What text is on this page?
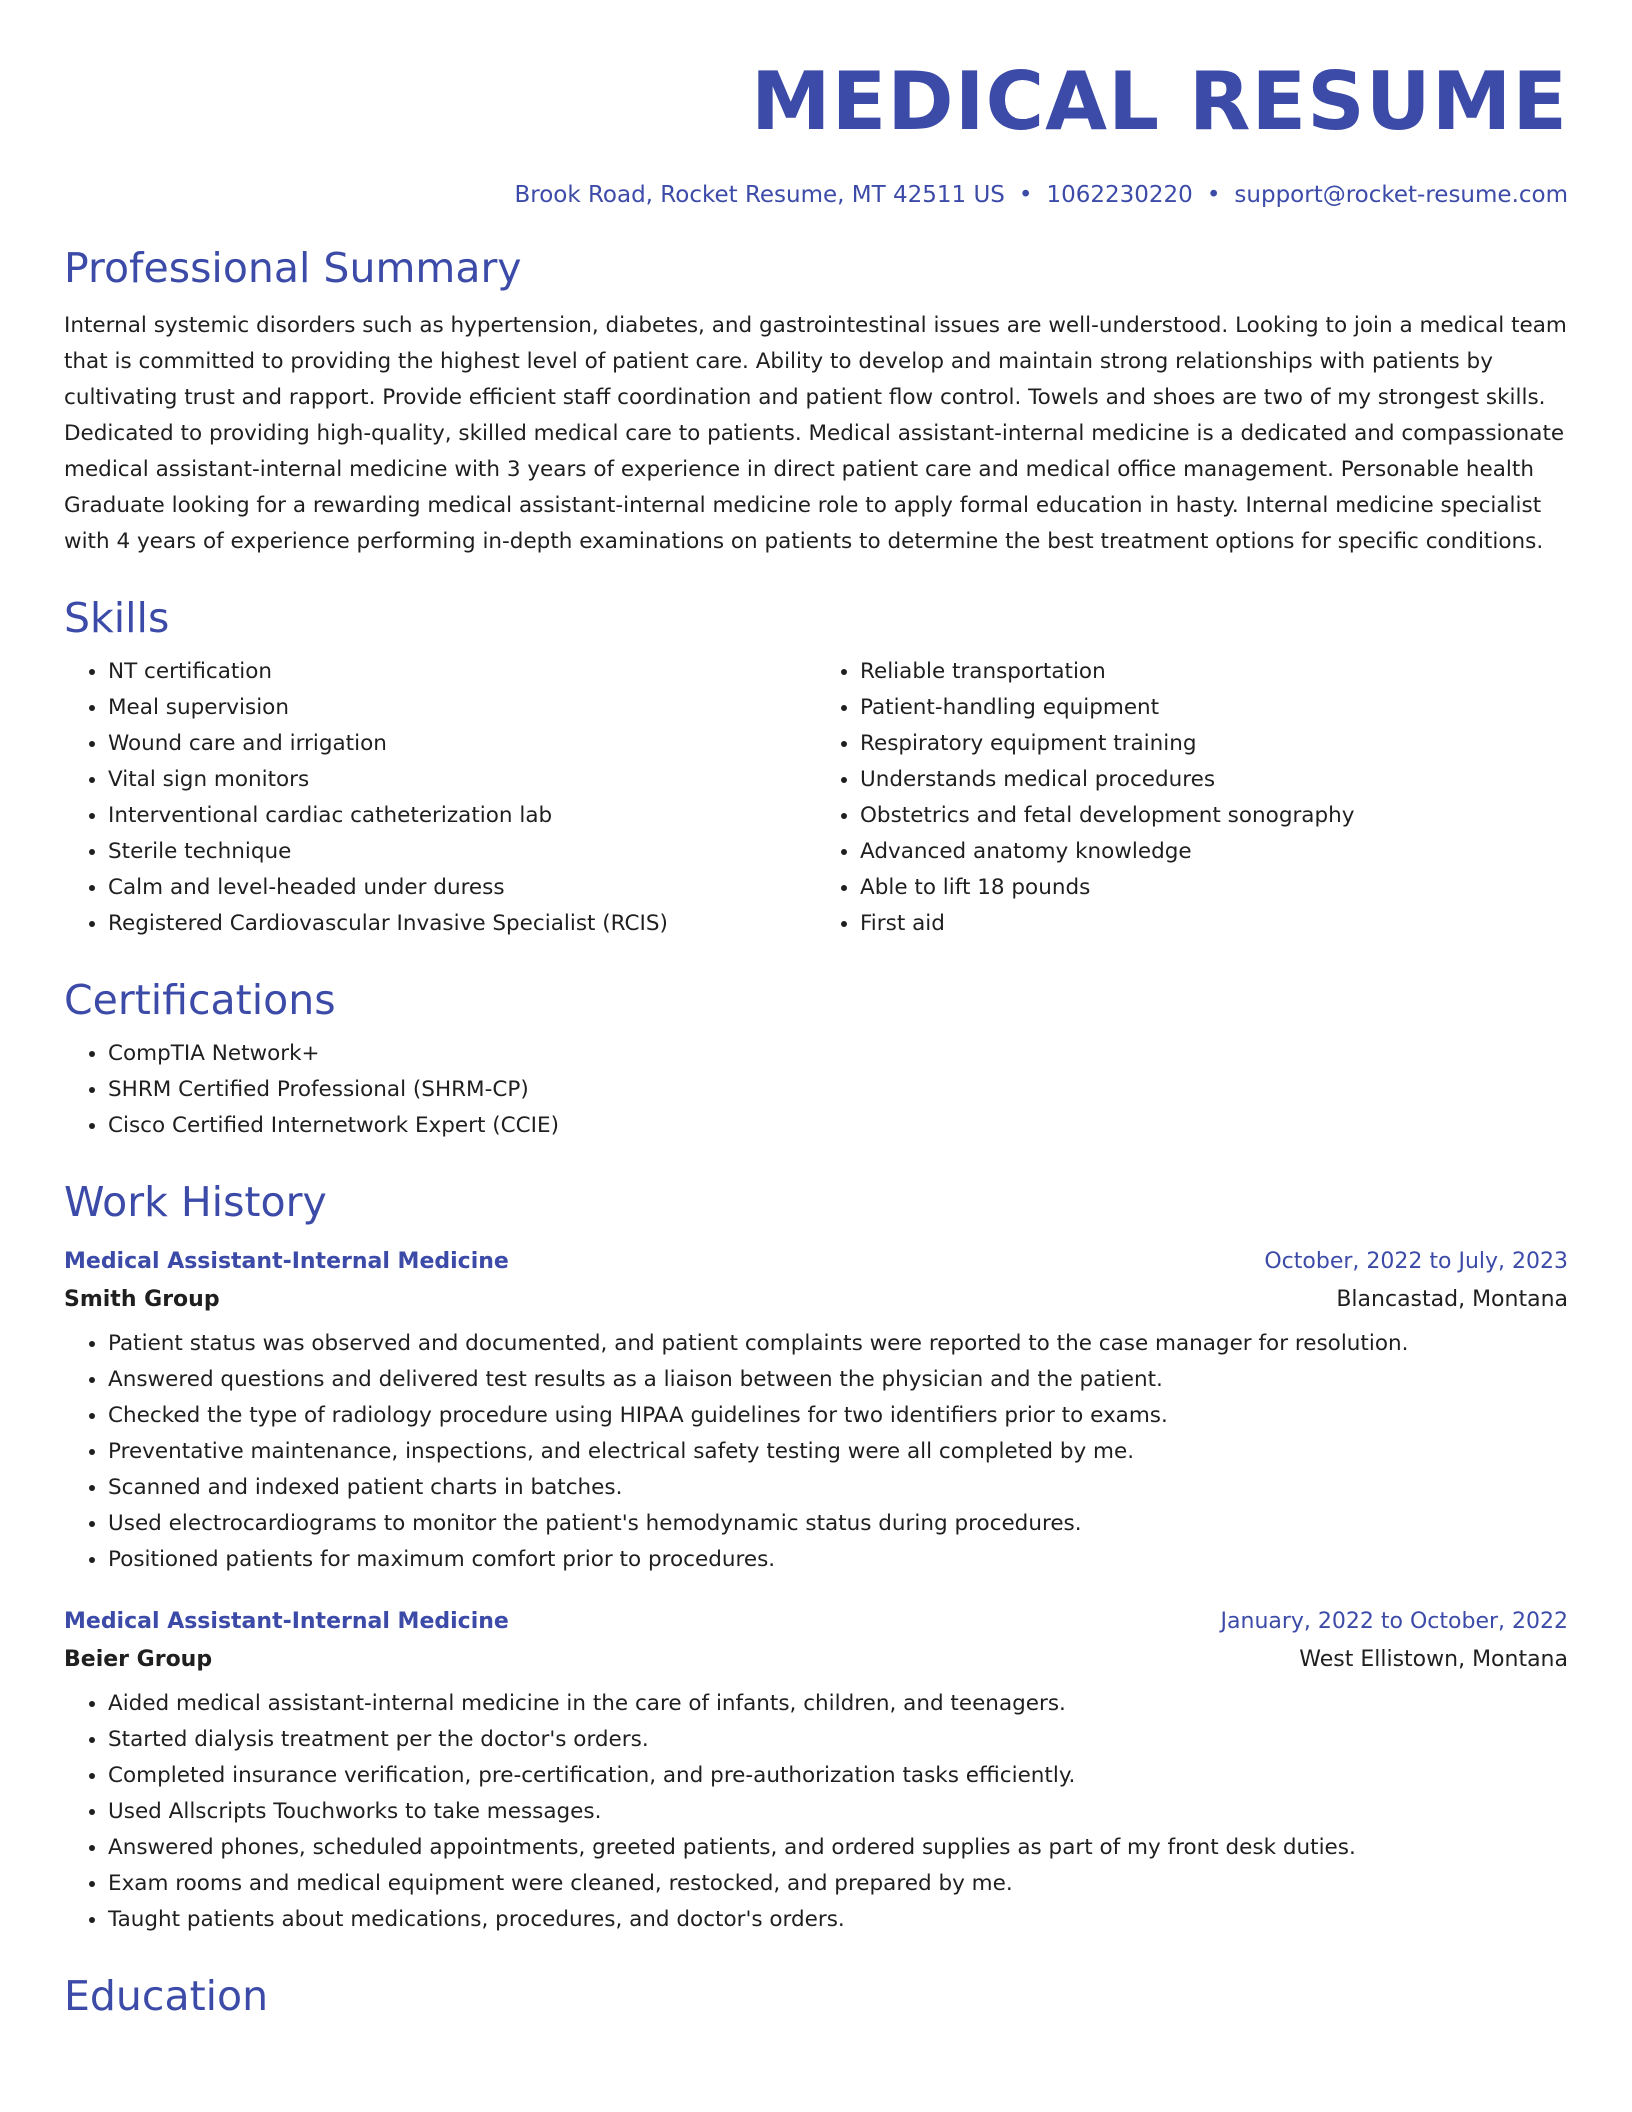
MEDICAL RESUME
Brook Road, Rocket Resume, MT 42511 US • 1062230220 • support@rocket-resume.com
Professional Summary

Internal systemic disorders such as hypertension, diabetes, and gastrointestinal issues are well-understood. Looking to join a medical team that is committed to providing the highest level of patient care. Ability to develop and maintain strong relationships with patients by cultivating trust and rapport. Provide efficient staff coordination and patient flow control. Towels and shoes are two of my strongest skills. Dedicated to providing high-quality, skilled medical care to patients. Medical assistant-internal medicine is a dedicated and compassionate medical assistant-internal medicine with 3 years of experience in direct patient care and medical office management. Personable health Graduate looking for a rewarding medical assistant-internal medicine role to apply formal education in hasty. Internal medicine specialist with 4 years of experience performing in-depth examinations on patients to determine the best treatment options for specific conditions.

Skills
• NT certification
• Meal supervision
• Wound care and irrigation
• Vital sign monitors
• Interventional cardiac catheterization lab
• Sterile technique
• Calm and level-headed under duress
• Registered Cardiovascular Invasive Specialist (RCIS)
• Reliable transportation
• Patient-handling equipment
• Respiratory equipment training
• Understands medical procedures
• Obstetrics and fetal development sonography
• Advanced anatomy knowledge
• Able to lift 18 pounds
• First aid
Certifications
• CompTIA Network+
• SHRM Certified Professional (SHRM-CP)
• Cisco Certified Internetwork Expert (CCIE)
Work History
Medical Assistant-Internal Medicine	October, 2022 to July, 2023
Smith Group	Blancastad, Montana
• Patient status was observed and documented, and patient complaints were reported to the case manager for resolution.
• Answered questions and delivered test results as a liaison between the physician and the patient.
• Checked the type of radiology procedure using HIPAA guidelines for two identifiers prior to exams.
• Preventative maintenance, inspections, and electrical safety testing were all completed by me.
• Scanned and indexed patient charts in batches.
• Used electrocardiograms to monitor the patient's hemodynamic status during procedures.
• Positioned patients for maximum comfort prior to procedures.
Medical Assistant-Internal Medicine	January, 2022 to October, 2022
Beier Group	West Ellistown, Montana
• Aided medical assistant-internal medicine in the care of infants, children, and teenagers.
• Started dialysis treatment per the doctor's orders.
• Completed insurance verification, pre-certification, and pre-authorization tasks efficiently.
• Used Allscripts Touchworks to take messages.
• Answered phones, scheduled appointments, greeted patients, and ordered supplies as part of my front desk duties.
• Exam rooms and medical equipment were cleaned, restocked, and prepared by me.
• Taught patients about medications, procedures, and doctor's orders.
Education
